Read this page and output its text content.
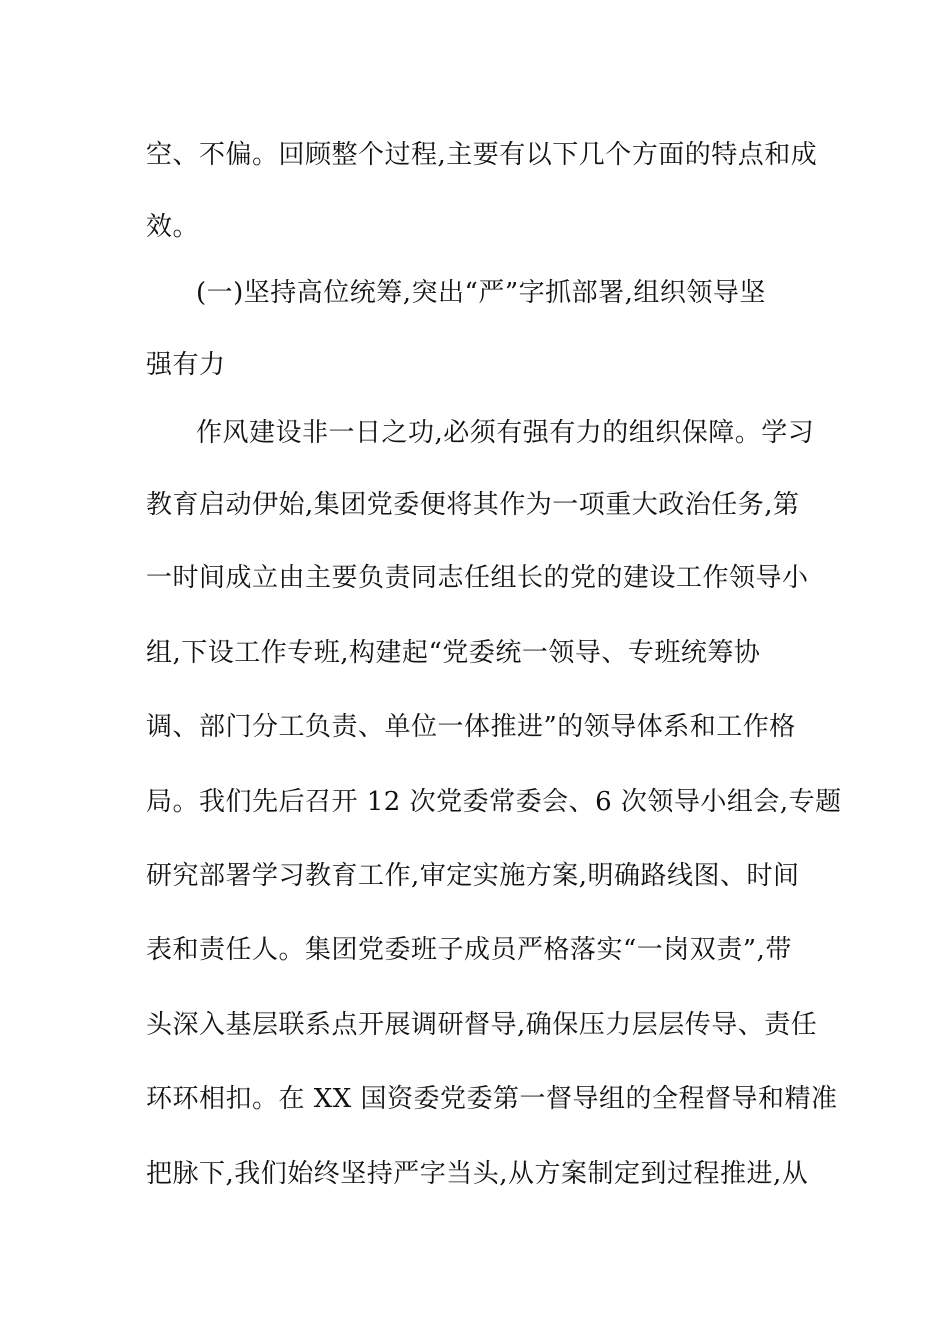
空、不偏。回顾整个过程,主要有以下几个方面的特点和成
效。
(一)坚持高位统筹,突出“严”字抓部署,组织领导坚
强有力
作风建设非一日之功,必须有强有力的组织保障。学习
教育启动伊始,集团党委便将其作为一项重大政治任务,第
一时间成立由主要负责同志任组长的党的建设工作领导小
组,下设工作专班,构建起“党委统一领导、专班统筹协
调、部门分工负责、单位一体推进”的领导体系和工作格
局。我们先后召开 12 次党委常委会、6 次领导小组会,专题
研究部署学习教育工作,审定实施方案,明确路线图、时间
表和责任人。集团党委班子成员严格落实“一岗双责”,带
头深入基层联系点开展调研督导,确保压力层层传导、责任
环环相扣。在 XX 国资委党委第一督导组的全程督导和精准
把脉下,我们始终坚持严字当头,从方案制定到过程推进,从
